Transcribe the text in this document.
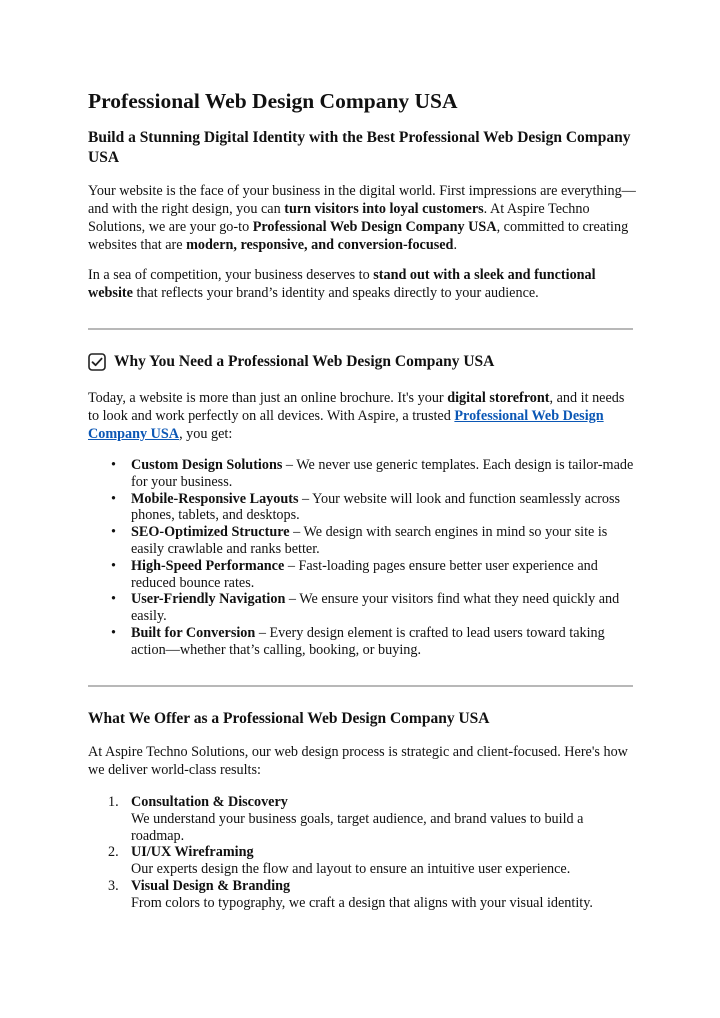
Professional Web Design Company USA
Build a Stunning Digital Identity with the Best Professional Web Design Company USA

Your website is the face of your business in the digital world. First impressions are everything—and with the right design, you can turn visitors into loyal customers. At Aspire Techno Solutions, we are your go-to Professional Web Design Company USA, committed to creating websites that are modern, responsive, and conversion-focused.

In a sea of competition, your business deserves to stand out with a sleek and functional website that reflects your brand’s identity and speaks directly to your audience.

Why You Need a Professional Web Design Company USA

Today, a website is more than just an online brochure. It's your digital storefront, and it needs to look and work perfectly on all devices. With Aspire, a trusted Professional Web Design Company USA, you get:

• Custom Design Solutions – We never use generic templates. Each design is tailor-made for your business.
• Mobile-Responsive Layouts – Your website will look and function seamlessly across phones, tablets, and desktops.
• SEO-Optimized Structure – We design with search engines in mind so your site is easily crawlable and ranks better.
• High-Speed Performance – Fast-loading pages ensure better user experience and reduced bounce rates.
• User-Friendly Navigation – We ensure your visitors find what they need quickly and easily.
• Built for Conversion – Every design element is crafted to lead users toward taking action—whether that’s calling, booking, or buying.
What We Offer as a Professional Web Design Company USA

At Aspire Techno Solutions, our web design process is strategic and client-focused. Here's how we deliver world-class results:

1. Consultation & Discovery
We understand your business goals, target audience, and brand values to build a roadmap.
2. UI/UX Wireframing
Our experts design the flow and layout to ensure an intuitive user experience.
3. Visual Design & Branding
From colors to typography, we craft a design that aligns with your visual identity.
